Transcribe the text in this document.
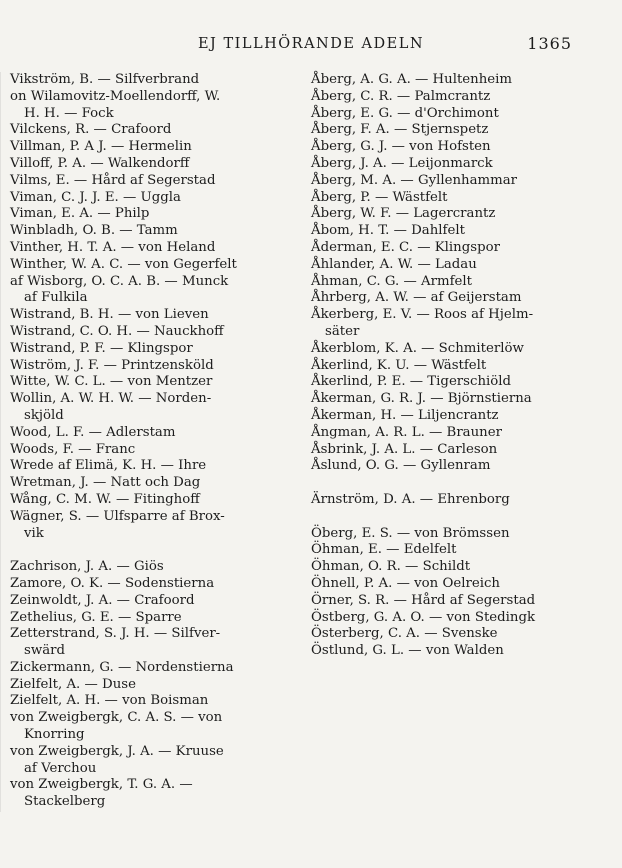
EJ TILLHÖRANDE ADELN	1365
Vikström, B. — Silfverbrand
on Wilamovitz-Moellendorff, W.
H. H. — Fock
Vilckens, R. — Crafoord
Villman, P. A J. — Hermelin
Villoff, P. A. — Walkendorff
Vilms, E. — Hård af Segerstad
Viman, C. J. J. E. — Uggla
Viman, E. A. — Philp
Winbladh, O. B. — Tamm
Vinther, H. T. A. — von Heland
Winther, W. A. C. — von Gegerfelt
af Wisborg, O. C. A. B. — Munck
af Fulkila
Wistrand, B. H. — von Lieven
Wistrand, C. O. H. — Nauckhoff
Wistrand, P. F. — Klingspor
Wiström, J. F. — Printzensköld
Witte, W. C. L. — von Mentzer
Wollin, A. W. H. W. — Norden-
skjöld
Wood, L. F. — Adlerstam
Woods, F. — Franc
Wrede af Elimä, K. H. — Ihre
Wretman, J. — Natt och Dag
Wång, C. M. W. — Fitinghoff
Wägner, S. — Ulfsparre af Brox-
vik
Zachrison, J. A. — Giös
Zamore, O. K. — Sodenstierna
Zeinwoldt, J. A. — Crafoord
Zethelius, G. E. — Sparre
Zetterstrand, S. J. H. — Silfver-
swärd
Zickermann, G. — Nordenstierna
Zielfelt, A. — Duse
Zielfelt, A. H. — von Boisman
von Zweigbergk, C. A. S. — von
Knorring
von Zweigbergk, J. A. — Kruuse
af Verchou
von Zweigbergk, T. G. A. —
Stackelberg
Åberg, A. G. A. — Hultenheim
Åberg, C. R. — Palmcrantz
Åberg, E. G. — d'Orchimont
Åberg, F. A. — Stjernspetz
Åberg, G. J. — von Hofsten
Åberg, J. A. — Leijonmarck
Åberg, M. A. — Gyllenhammar
Åberg, P. — Wästfelt
Åberg, W. F. — Lagercrantz
Åbom, H. T. — Dahlfelt
Åderman, E. C. — Klingspor
Åhlander, A. W. — Ladau
Åhman, C. G. — Armfelt
Åhrberg, A. W. — af Geijerstam
Åkerberg, E. V. — Roos af Hjelm-
säter
Åkerblom, K. A. — Schmiterlöw
Åkerlind, K. U. — Wästfelt
Åkerlind, P. E. — Tigerschiöld
Åkerman, G. R. J. — Björnstierna
Åkerman, H. — Liljencrantz
Ångman, A. R. L. — Brauner
Åsbrink, J. A. L. — Carleson
Åslund, O. G. — Gyllenram
Ärnström, D. A. — Ehrenborg
Öberg, E. S. — von Brömssen
Öhman, E. — Edelfelt
Öhman, O. R. — Schildt
Öhnell, P. A. — von Oelreich
Örner, S. R. — Hård af Segerstad
Östberg, G. A. O. — von Stedingk
Österberg, C. A. — Svenske
Östlund, G. L. — von Walden
